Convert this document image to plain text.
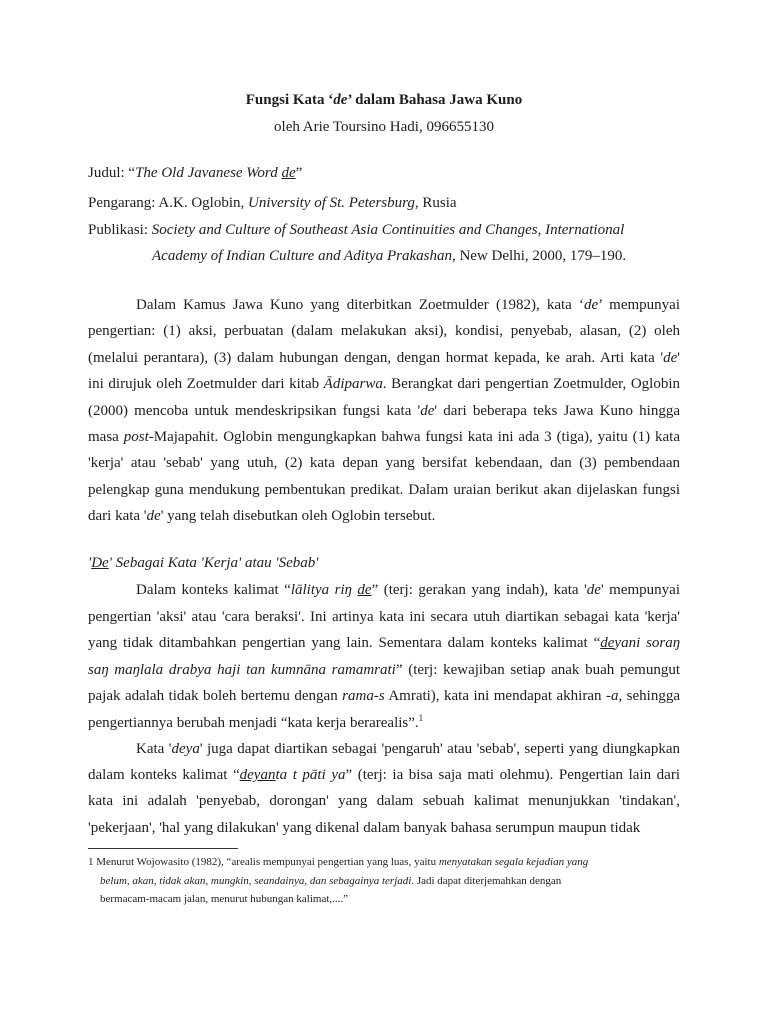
Fungsi Kata ‘de’ dalam Bahasa Jawa Kuno
oleh Arie Toursino Hadi, 096655130
Judul: “The Old Javanese Word de”
Pengarang: A.K. Oglobin, University of St. Petersburg, Rusia
Publikasi: Society and Culture of Southeast Asia Continuities and Changes, International
Academy of Indian Culture and Aditya Prakashan, New Delhi, 2000, 179–190.
Dalam Kamus Jawa Kuno yang diterbitkan Zoetmulder (1982), kata ‘de’ mempunyai
pengertian: (1) aksi, perbuatan (dalam melakukan aksi), kondisi, penyebab, alasan, (2) oleh
(melalui perantara), (3) dalam hubungan dengan, dengan hormat kepada, ke arah. Arti kata 'de'
ini dirujuk oleh Zoetmulder dari kitab Ādiparwa. Berangkat dari pengertian Zoetmulder, Oglobin
(2000) mencoba untuk mendeskripsikan fungsi kata 'de' dari beberapa teks Jawa Kuno hingga
masa post-Majapahit. Oglobin mengungkapkan bahwa fungsi kata ini ada 3 (tiga), yaitu (1) kata
'kerja' atau 'sebab' yang utuh, (2) kata depan yang bersifat kebendaan, dan (3) pembendaan
pelengkap guna mendukung pembentukan predikat. Dalam uraian berikut akan dijelaskan fungsi
dari kata 'de' yang telah disebutkan oleh Oglobin tersebut.
'De' Sebagai Kata 'Kerja' atau 'Sebab'
Dalam konteks kalimat “lālitya riŋ de” (terj: gerakan yang indah), kata 'de' mempunyai
pengertian 'aksi' atau 'cara beraksi'. Ini artinya kata ini secara utuh diartikan sebagai kata 'kerja'
yang tidak ditambahkan pengertian yang lain. Sementara dalam konteks kalimat “deyani soraŋ
saŋ maŋlala drabya haji tan kumnāna ramamrati” (terj: kewajiban setiap anak buah pemungut
pajak adalah tidak boleh bertemu dengan rama-s Amrati), kata ini mendapat akhiran -a, sehingga
pengertiannya berubah menjadi “kata kerja berarealis”.$^1$
Kata 'deya' juga dapat diartikan sebagai 'pengaruh' atau 'sebab', seperti yang diungkapkan
dalam konteks kalimat “deyanta t pāti ya” (terj: ia bisa saja mati olehmu). Pengertian lain dari
kata ini adalah 'penyebab, dorongan' yang dalam sebuah kalimat menunjukkan 'tindakan',
'pekerjaan', 'hal yang dilakukan' yang dikenal dalam banyak bahasa serumpun maupun tidak
1 Menurut Wojowasito (1982), “arealis mempunyai pengertian yang luas, yaitu menyatakan segala kejadian yang
belum, akan, tidak akan, mungkin, seandainya, dan sebagainya terjadi. Jadi dapat diterjemahkan dengan
bermacam-macam jalan, menurut hubungan kalimat,....”
